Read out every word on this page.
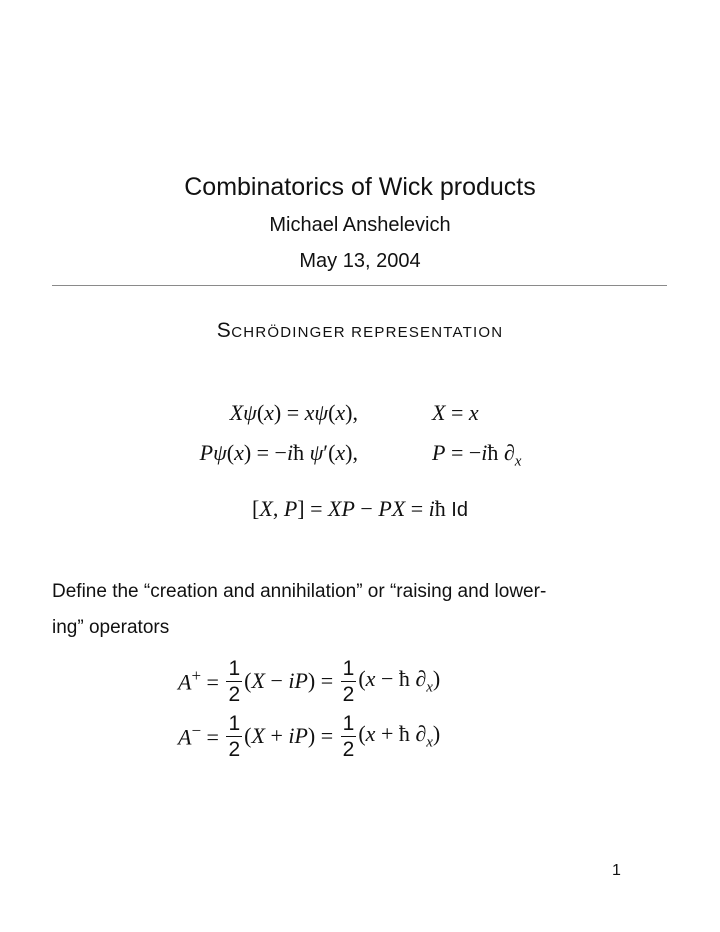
Combinatorics of Wick products
Michael Anshelevich
May 13, 2004
SCHRÖDINGER REPRESENTATION
Xψ(x) = xψ(x),	X = x
Pψ(x) = −iħ ψ′(x),	P = −iħ $\partial_x$
[X, P] = XP − PX = iħ Id
Define the “creation and annihilation” or “raising and lower-
ing” operators
$A^+ = \frac{1}{2} (X - iP) = \frac{1}{2} (x$ − ħ $\partial_x$)
$A^- = \frac{1}{2} (X + iP) = \frac{1}{2} (x$ + ħ $\partial_x$)
1
